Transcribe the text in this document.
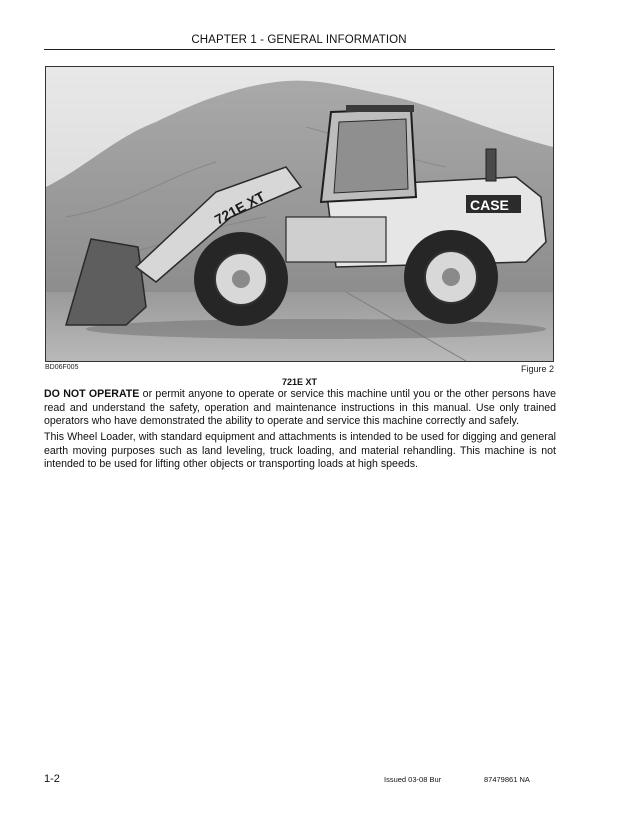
CHAPTER 1 - GENERAL INFORMATION
721E XT	CASE
BD06F005	Figure 2
721E XT

DO NOT OPERATE or permit anyone to operate or service this machine until you or the other persons have read and understand the safety, operation and maintenance instructions in this manual. Use only trained operators who have demonstrated the ability to operate and service this machine correctly and safely.

This Wheel Loader, with standard equipment and attachments is intended to be used for digging and general earth moving purposes such as land leveling, truck loading, and material rehandling. This machine is not intended to be used for lifting other objects or transporting loads at high speeds.

1-2	Issued 03-08 Bur	87479861 NA
